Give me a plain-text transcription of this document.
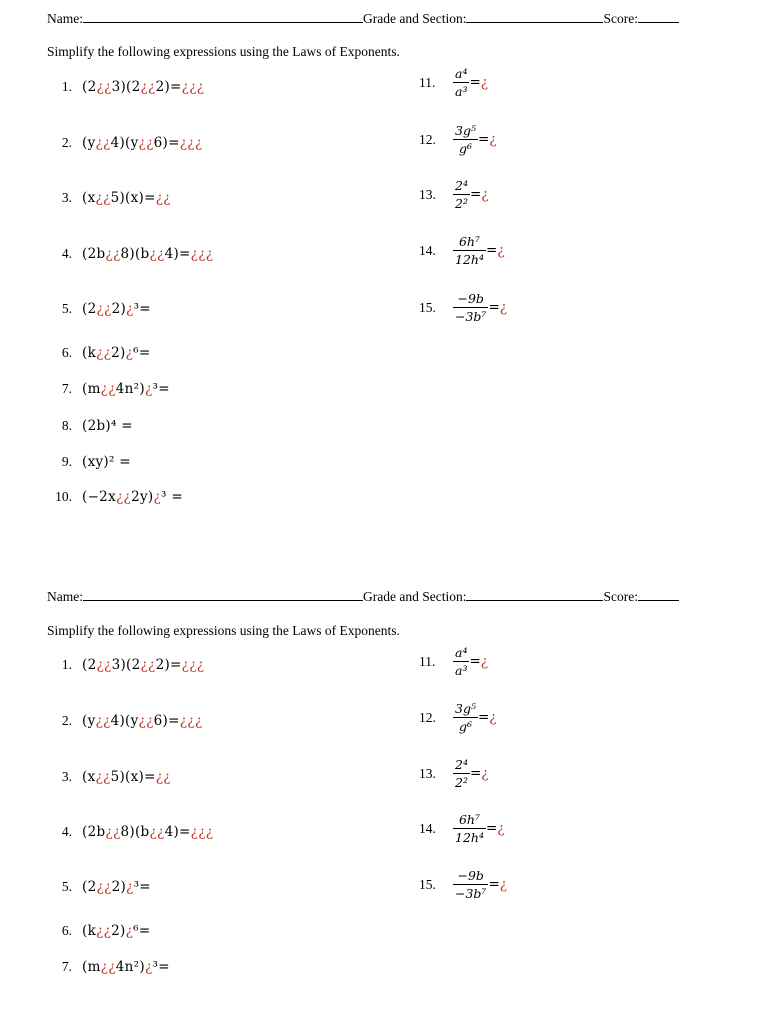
Name:	Grade and Section:	Score:
Simplify the following expressions using the Laws of Exponents.
1. (2¿¿3)(2¿¿2)=¿¿¿
2. (y¿¿4)(y¿¿6)=¿¿¿
3. (x¿¿5)(x)=¿¿
4. (2b¿¿8)(b¿¿4)=¿¿¿
5. (2¿¿2)¿³=
6. (k¿¿2)¿⁶=
7. (m¿¿4n²)¿³=
8. (2b)⁴ =
9. (xy)² =
10. (−2x¿¿2y)¿³ =
11. $\frac{\text{a⁴}}{\text{a³}}$ =¿
12. $\frac{\text{3g⁵}}{\text{g⁶}}$ =¿
13. $\frac{\text{2⁴}}{\text{2²}}$ =¿
14. $\frac{\text{6h⁷}}{\text{12h⁴}}$ =¿
15. $\frac{-9b}{\text{−3b⁷}}$ =¿
Name:	Grade and Section:	Score:
Simplify the following expressions using the Laws of Exponents.
1. (2¿¿3)(2¿¿2)=¿¿¿
2. (y¿¿4)(y¿¿6)=¿¿¿
3. (x¿¿5)(x)=¿¿
4. (2b¿¿8)(b¿¿4)=¿¿¿
5. (2¿¿2)¿³=
6. (k¿¿2)¿⁶=
7. (m¿¿4n²)¿³=
11. $\frac{\text{a⁴}}{\text{a³}}$ =¿
12. $\frac{\text{3g⁵}}{\text{g⁶}}$ =¿
13. $\frac{\text{2⁴}}{\text{2²}}$ =¿
14. $\frac{\text{6h⁷}}{\text{12h⁴}}$ =¿
15. $\frac{-9b}{\text{−3b⁷}}$ =¿
